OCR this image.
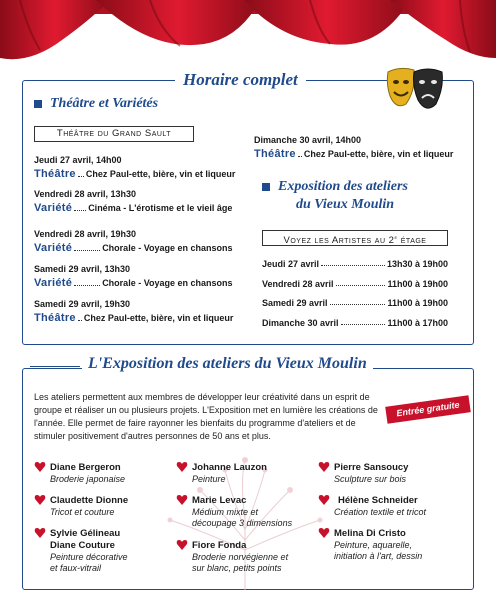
Horaire complet
Théâtre et Variétés
Théâtre du Grand Sault
Jeudi 27 avril, 14h00
Théâtre Chez Paul-ette, bière, vin et liqueur
Vendredi 28 avril, 13h30
Variété Cinéma - L'érotisme et le vieil âge
Vendredi 28 avril, 19h30
Variété	Chorale - Voyage en chansons
Samedi 29 avril, 13h30
Variété	Chorale - Voyage en chansons
Samedi 29 avril, 19h30
Théâtre Chez Paul-ette, bière, vin et liqueur
Dimanche 30 avril, 14h00
Théâtre Chez Paul-ette, bière, vin et liqueur
Exposition des ateliers
du Vieux Moulin
Voyez les Artistes au 2e étage
Jeudi 27 avril	13h30 à 19h00
Vendredi 28 avril	11h00 à 19h00
Samedi 29 avril	11h00 à 19h00
Dimanche 30 avril	11h00 à 17h00
L'Exposition des ateliers du Vieux Moulin
Les ateliers permettent aux membres de développer leur créativité dans un esprit de groupe et réaliser un ou plusieurs projets. L'Exposition met en lumière les créations de l'année. Elle permet de faire rayonner les bienfaits du programme d'ateliers et de stimuler positivement d'autres personnes de 50 ans et plus.
Entrée gratuite
Diane Bergeron
Broderie japonaise
Claudette Dionne
Tricot et couture
Sylvie Gélineau
Diane Couture
Peinture décorative
et faux-vitrail
Johanne Lauzon
Peinture
Marie Levac
Médium mixte et
découpage 3 dimensions
Fiore Fonda
Broderie norvégienne et
sur blanc, petits points
Pierre Sansoucy
Sculpture sur bois
Hélène Schneider
Création textile et tricot
Melina Di Cristo
Peinture, aquarelle,
initiation à l'art, dessin
